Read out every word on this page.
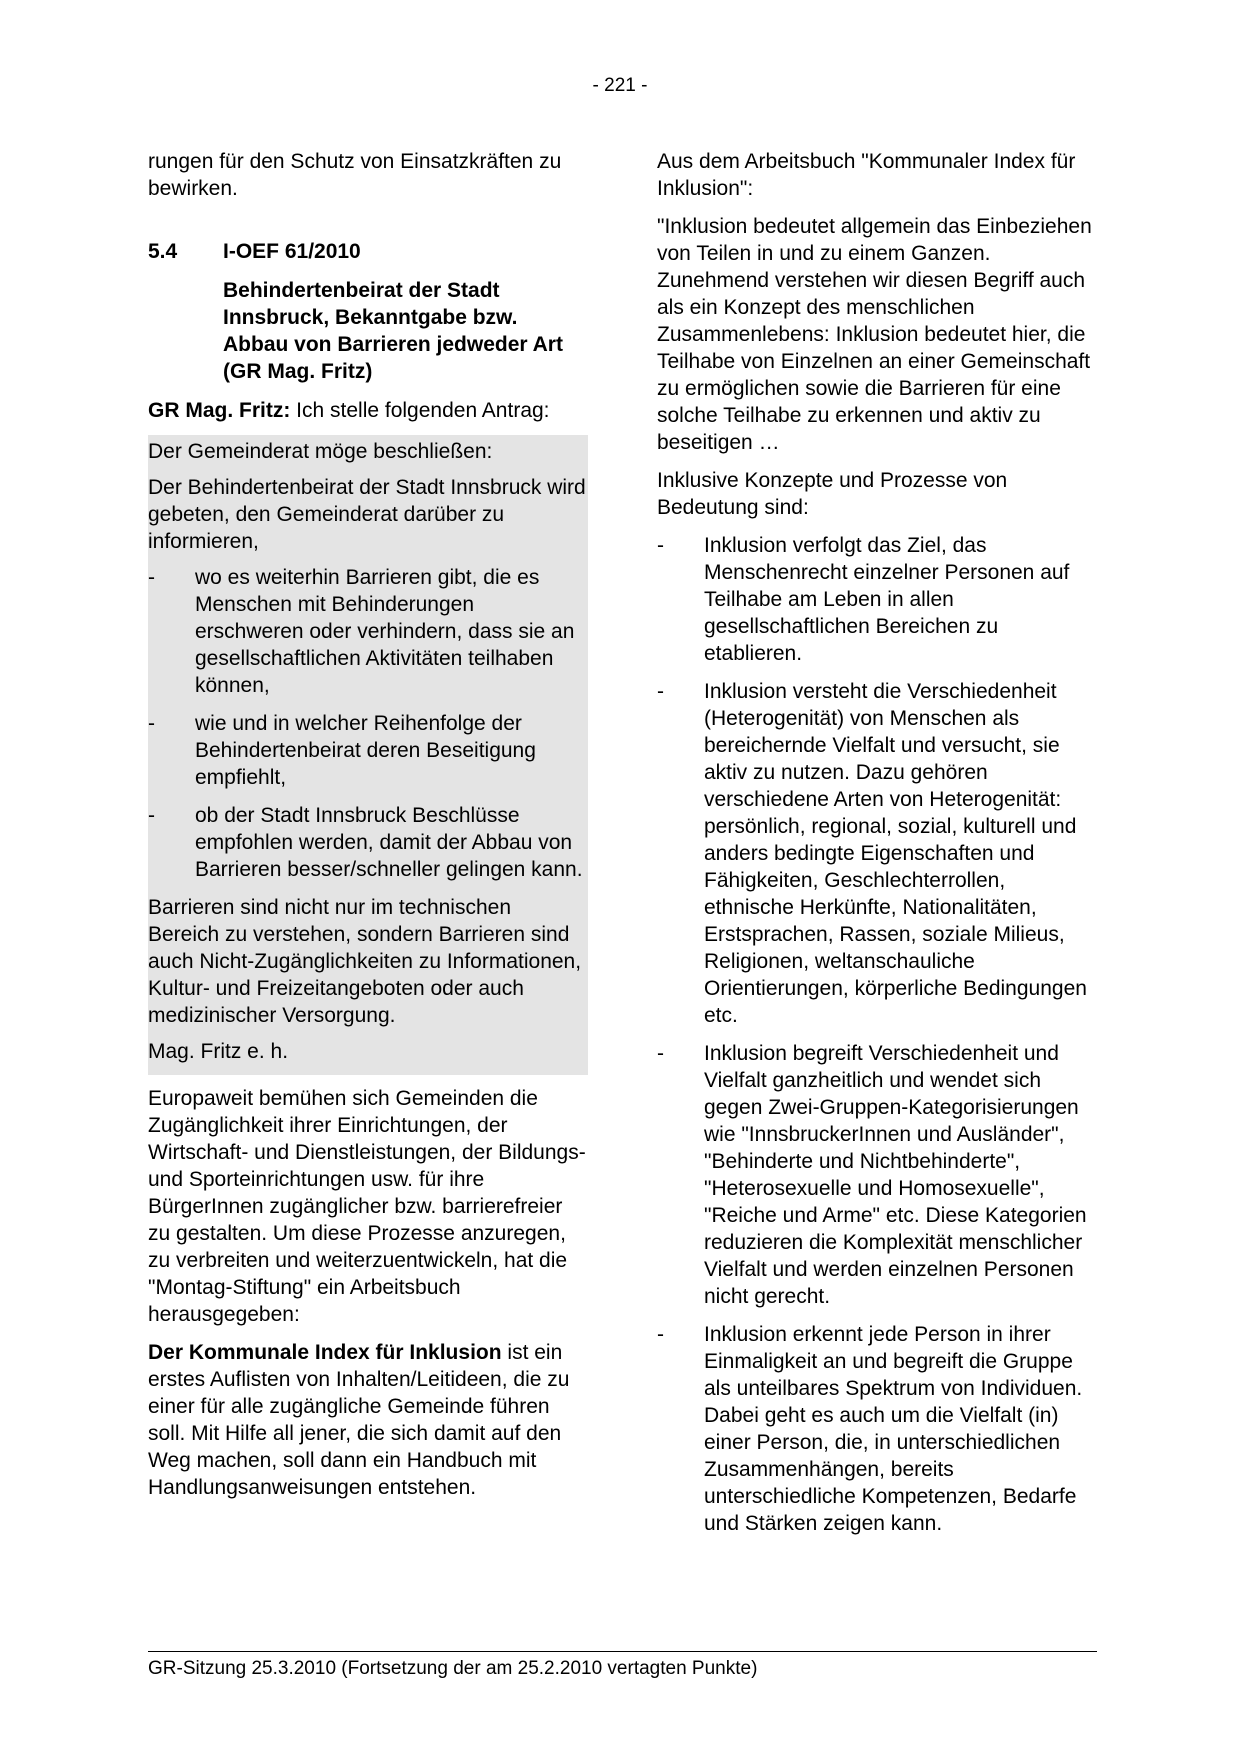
- 221 -

rungen für den Schutz von Einsatzkräften zu bewirken.

5.4	I-OEF 61/2010
Behindertenbeirat der Stadt Innsbruck, Bekanntgabe bzw. Abbau von Barrieren jedweder Art (GR Mag. Fritz)

GR Mag. Fritz: Ich stelle folgenden Antrag:

Der Gemeinderat möge beschließen:

Der Behindertenbeirat der Stadt Innsbruck wird gebeten, den Gemeinderat darüber zu informieren,

-	wo es weiterhin Barrieren gibt, die es Menschen mit Behinderungen erschweren oder verhindern, dass sie an gesellschaftlichen Aktivitäten teilhaben können,
-	wie und in welcher Reihenfolge der Behindertenbeirat deren Beseitigung empfiehlt,
-	ob der Stadt Innsbruck Beschlüsse empfohlen werden, damit der Abbau von Barrieren besser/schneller gelingen kann.

Barrieren sind nicht nur im technischen Bereich zu verstehen, sondern Barrieren sind auch Nicht-Zugänglichkeiten zu Informationen, Kultur- und Freizeitangeboten oder auch medizinischer Versorgung.

Mag. Fritz e. h.

Europaweit bemühen sich Gemeinden die Zugänglichkeit ihrer Einrichtungen, der Wirtschaft- und Dienstleistungen, der Bildungs- und Sporteinrichtungen usw. für ihre BürgerInnen zugänglicher bzw. barrierefreier zu gestalten. Um diese Prozesse anzuregen, zu verbreiten und weiterzuentwickeln, hat die "Montag-Stiftung" ein Arbeitsbuch herausgegeben:

Der Kommunale Index für Inklusion ist ein erstes Auflisten von Inhalten/Leitideen, die zu einer für alle zugängliche Gemeinde führen soll. Mit Hilfe all jener, die sich damit auf den Weg machen, soll dann ein Handbuch mit Handlungsanweisungen entstehen.

Aus dem Arbeitsbuch "Kommunaler Index für Inklusion":

"Inklusion bedeutet allgemein das Einbeziehen von Teilen in und zu einem Ganzen. Zunehmend verstehen wir diesen Begriff auch als ein Konzept des menschlichen Zusammenlebens: Inklusion bedeutet hier, die Teilhabe von Einzelnen an einer Gemeinschaft zu ermöglichen sowie die Barrieren für eine solche Teilhabe zu erkennen und aktiv zu beseitigen …

Inklusive Konzepte und Prozesse von Bedeutung sind:

-	Inklusion verfolgt das Ziel, das Menschenrecht einzelner Personen auf Teilhabe am Leben in allen gesellschaftlichen Bereichen zu etablieren.
-	Inklusion versteht die Verschiedenheit (Heterogenität) von Menschen als bereichernde Vielfalt und versucht, sie aktiv zu nutzen. Dazu gehören verschiedene Arten von Heterogenität: persönlich, regional, sozial, kulturell und anders bedingte Eigenschaften und Fähigkeiten, Geschlechterrollen, ethnische Herkünfte, Nationalitäten, Erstsprachen, Rassen, soziale Milieus, Religionen, weltanschauliche Orientierungen, körperliche Bedingungen etc.
-	Inklusion begreift Verschiedenheit und Vielfalt ganzheitlich und wendet sich gegen Zwei-Gruppen-Kategorisierungen wie "InnsbruckerInnen und Ausländer", "Behinderte und Nichtbehinderte", "Heterosexuelle und Homosexuelle", "Reiche und Arme" etc. Diese Kategorien reduzieren die Komplexität menschlicher Vielfalt und werden einzelnen Personen nicht gerecht.
-	Inklusion erkennt jede Person in ihrer Einmaligkeit an und begreift die Gruppe als unteilbares Spektrum von Individuen. Dabei geht es auch um die Vielfalt (in) einer Person, die, in unterschiedlichen Zusammenhängen, bereits unterschiedliche Kompetenzen, Bedarfe und Stärken zeigen kann.
GR-Sitzung 25.3.2010 (Fortsetzung der am 25.2.2010 vertagten Punkte)
